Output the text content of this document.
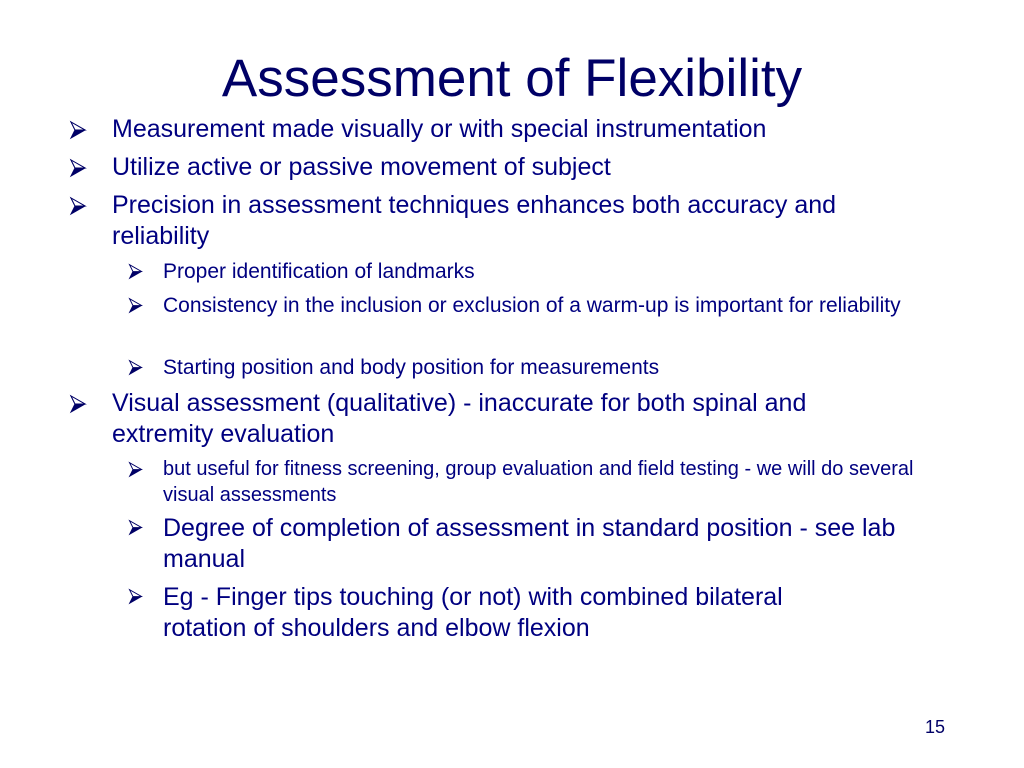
Assessment of Flexibility
Measurement made visually or with special instrumentation
Utilize active or passive movement of subject
Precision in assessment techniques enhances both accuracy and reliability
Proper identification of landmarks
Consistency in the inclusion or exclusion of a warm-up is important for reliability
Starting position and body position for measurements
Visual assessment (qualitative) - inaccurate for both spinal and extremity evaluation
but useful for fitness screening, group evaluation and field testing - we will do several visual assessments
Degree of completion of assessment in standard position - see lab manual
Eg - Finger tips touching (or not) with combined bilateral rotation of shoulders and elbow flexion
15
